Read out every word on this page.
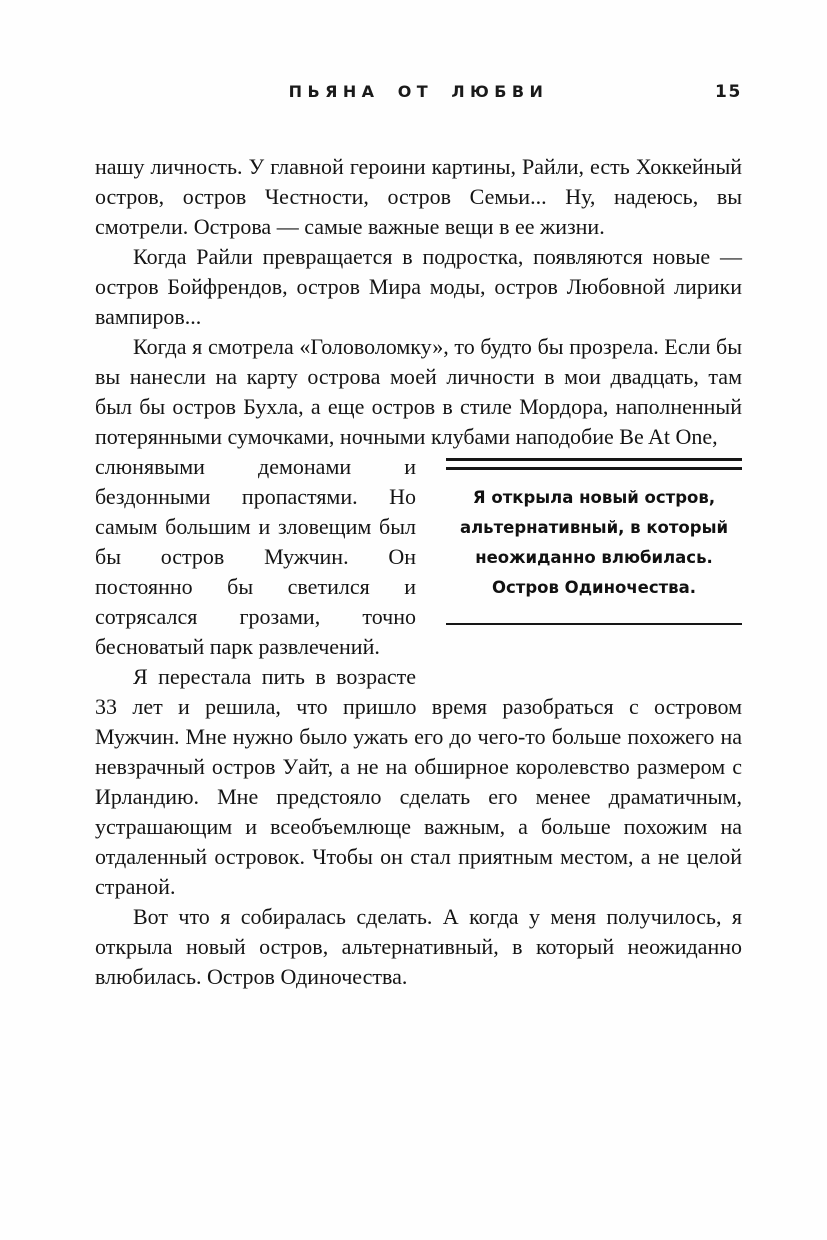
ПЬЯНА ОТ ЛЮБВИ	15

нашу личность. У главной героини картины, Райли, есть Хоккейный остров, остров Честности, остров Семьи... Ну, надеюсь, вы смотрели. Острова — самые важные вещи в ее жизни.

Когда Райли превращается в подростка, появляются новые — остров Бойфрендов, остров Мира моды, остров Любовной лирики вампиров...

Когда я смотрела «Головоломку», то будто бы прозрела. Если бы вы нанесли на карту острова моей личности в мои двадцать, там был бы остров Бухла, а еще остров в стиле Мордора, наполненный потерянными сумочками, ночными клубами наподобие Be At One,

Я открыла новый остров, альтернативный, в который неожиданно влюбилась. Остров Одиночества.

слюнявыми демонами и бездонными пропастями. Но самым большим и зловещим был бы остров Мужчин. Он постоянно бы светился и сотрясался грозами, точно бесноватый парк развлечений.

Я перестала пить в возрасте 33 лет и решила, что пришло время разобраться с островом Мужчин. Мне нужно было ужать его до чего-то больше похожего на невзрачный остров Уайт, а не на обширное королевство размером с Ирландию. Мне предстояло сделать его менее драматичным, устрашающим и всеобъемлюще важным, а больше похожим на отдаленный островок. Чтобы он стал приятным местом, а не целой страной.

Вот что я собиралась сделать. А когда у меня получилось, я открыла новый остров, альтернативный, в который неожиданно влюбилась. Остров Одиночества.
